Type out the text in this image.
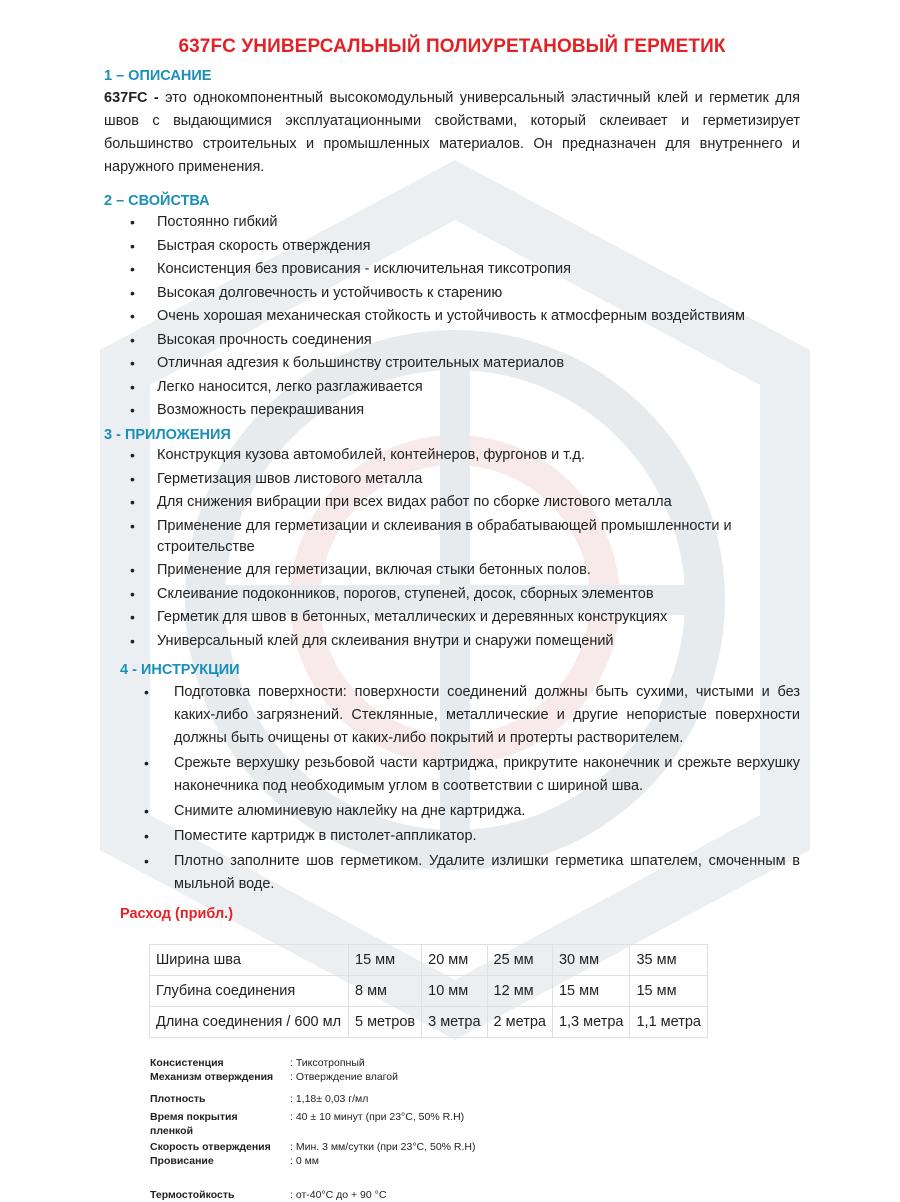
637FC УНИВЕРСАЛЬНЫЙ ПОЛИУРЕТАНОВЫЙ ГЕРМЕТИК

1 – ОПИСАНИЕ

637FC - это однокомпонентный высокомодульный универсальный эластичный клей и герметик для швов с выдающимися эксплуатационными свойствами, который склеивает и герметизирует большинство строительных и промышленных материалов. Он предназначен для внутреннего и наружного применения.

2 – СВОЙСТВА

• Постоянно гибкий
• Быстрая скорость отверждения
• Консистенция без провисания - исключительная тиксотропия
• Высокая долговечность и устойчивость к старению
• Очень хорошая механическая стойкость и устойчивость к атмосферным воздействиям
• Высокая прочность соединения
• Отличная адгезия к большинству строительных материалов
• Легко наносится, легко разглаживается
• Возможность перекрашивания

3 - ПРИЛОЖЕНИЯ

• Конструкция кузова автомобилей, контейнеров, фургонов и т.д.
• Герметизация швов листового металла
• Для снижения вибрации при всех видах работ по сборке листового металла
• Применение для герметизации и склеивания в обрабатывающей промышленности и строительстве
• Применение для герметизации, включая стыки бетонных полов.
• Склеивание подоконников, порогов, ступеней, досок, сборных элементов
• Герметик для швов в бетонных, металлических и деревянных конструкциях
• Универсальный клей для склеивания внутри и снаружи помещений

4 - ИНСТРУКЦИИ

• Подготовка поверхности: поверхности соединений должны быть сухими, чистыми и без каких-либо загрязнений. Стеклянные, металлические и другие непористые поверхности должны быть очищены от каких-либо покрытий и протерты растворителем.
• Срежьте верхушку резьбовой части картриджа, прикрутите наконечник и срежьте верхушку наконечника под необходимым углом в соответствии с шириной шва.
• Снимите алюминиевую наклейку на дне картриджа.
• Поместите картридж в пистолет-аппликатор.
• Плотно заполните шов герметиком. Удалите излишки герметика шпателем, смоченным в мыльной воде.

Расход (прибл.)

Ширина шва	15 мм	20 мм	25 мм	30 мм	35 мм
Глубина соединения	8 мм	10 мм	12 мм	15 мм	15 мм
Длина соединения / 600 мл	5 метров	3 метра	2 метра	1,3 метра	1,1 метра
Консистенция	: Тиксотропный
Механизм отверждения	: Отверждение влагой
Плотность	: 1,18± 0,03 г/мл
Время покрытия пленкой
: 40 ± 10 минут (при 23°C, 50% R.H)
Скорость отверждения	: Мин. 3 мм/сутки (при 23°C, 50% R.H)
Провисание	: 0 мм
Термостойкость	: от-40°C до + 90 °C
